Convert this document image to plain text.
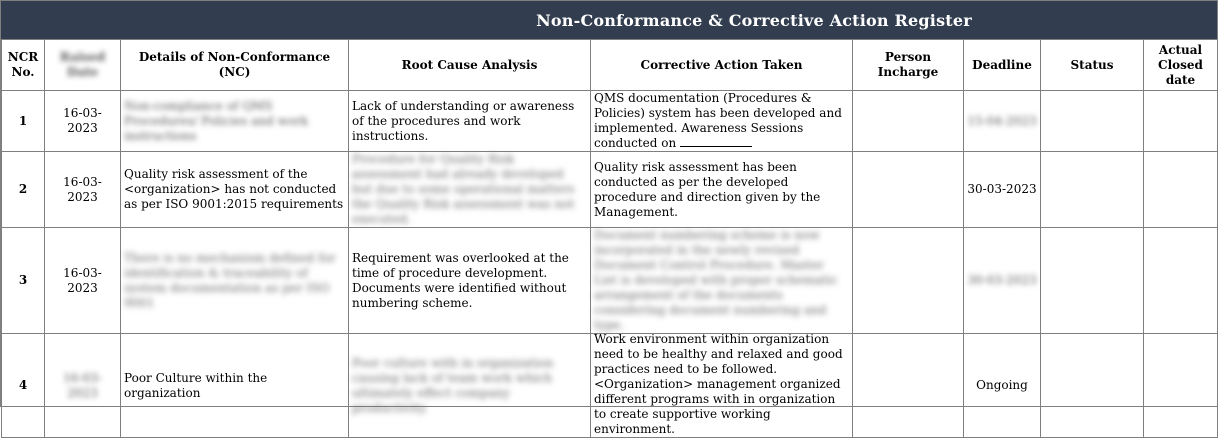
Non-Conformance & Corrective Action Register
NCR No.	Raised Date	Details of Non-Conformance (NC)	Root Cause Analysis	Corrective Action Taken	Person Incharge	Deadline	Status	Actual Closed date
1	16-03-2023	Non-compliance of QMS Procedures/ Policies and work instructions	Lack of understanding or awareness of the procedures and work instructions.	QMS documentation (Procedures & Policies) system has been developed and implemented. Awareness Sessions conducted on		15-04-2023		
2	16-03-2023	Quality risk assessment of the <organization> has not conducted as per ISO 9001:2015 requirements	Procedure for Quality Risk assessment had already developed but due to some operational matters the Quality Risk assessment was not executed.	Quality risk assessment has been conducted as per the developed procedure and direction given by the Management.		30-03-2023		
3	16-03-2023	There is no mechanism defined for identification & traceability of system documentation as per ISO 9001	Requirement was overlooked at the time of procedure development. Documents were identified without numbering scheme.	Document numbering scheme is now incorporated in the newly revised Document Control Procedure. Master List is developed with proper schematic arrangement of the documents considering document numbering and type.		30-03-2023		
4	16-03-2023	Poor Culture within the organization	Poor culture with in organization causing lack of team work which ultimately effect company productivity.	Work environment within organization need to be healthy and relaxed and good practices need to be followed. <Organization> management organized different programs with in organization to create supportive working environment.		Ongoing		
